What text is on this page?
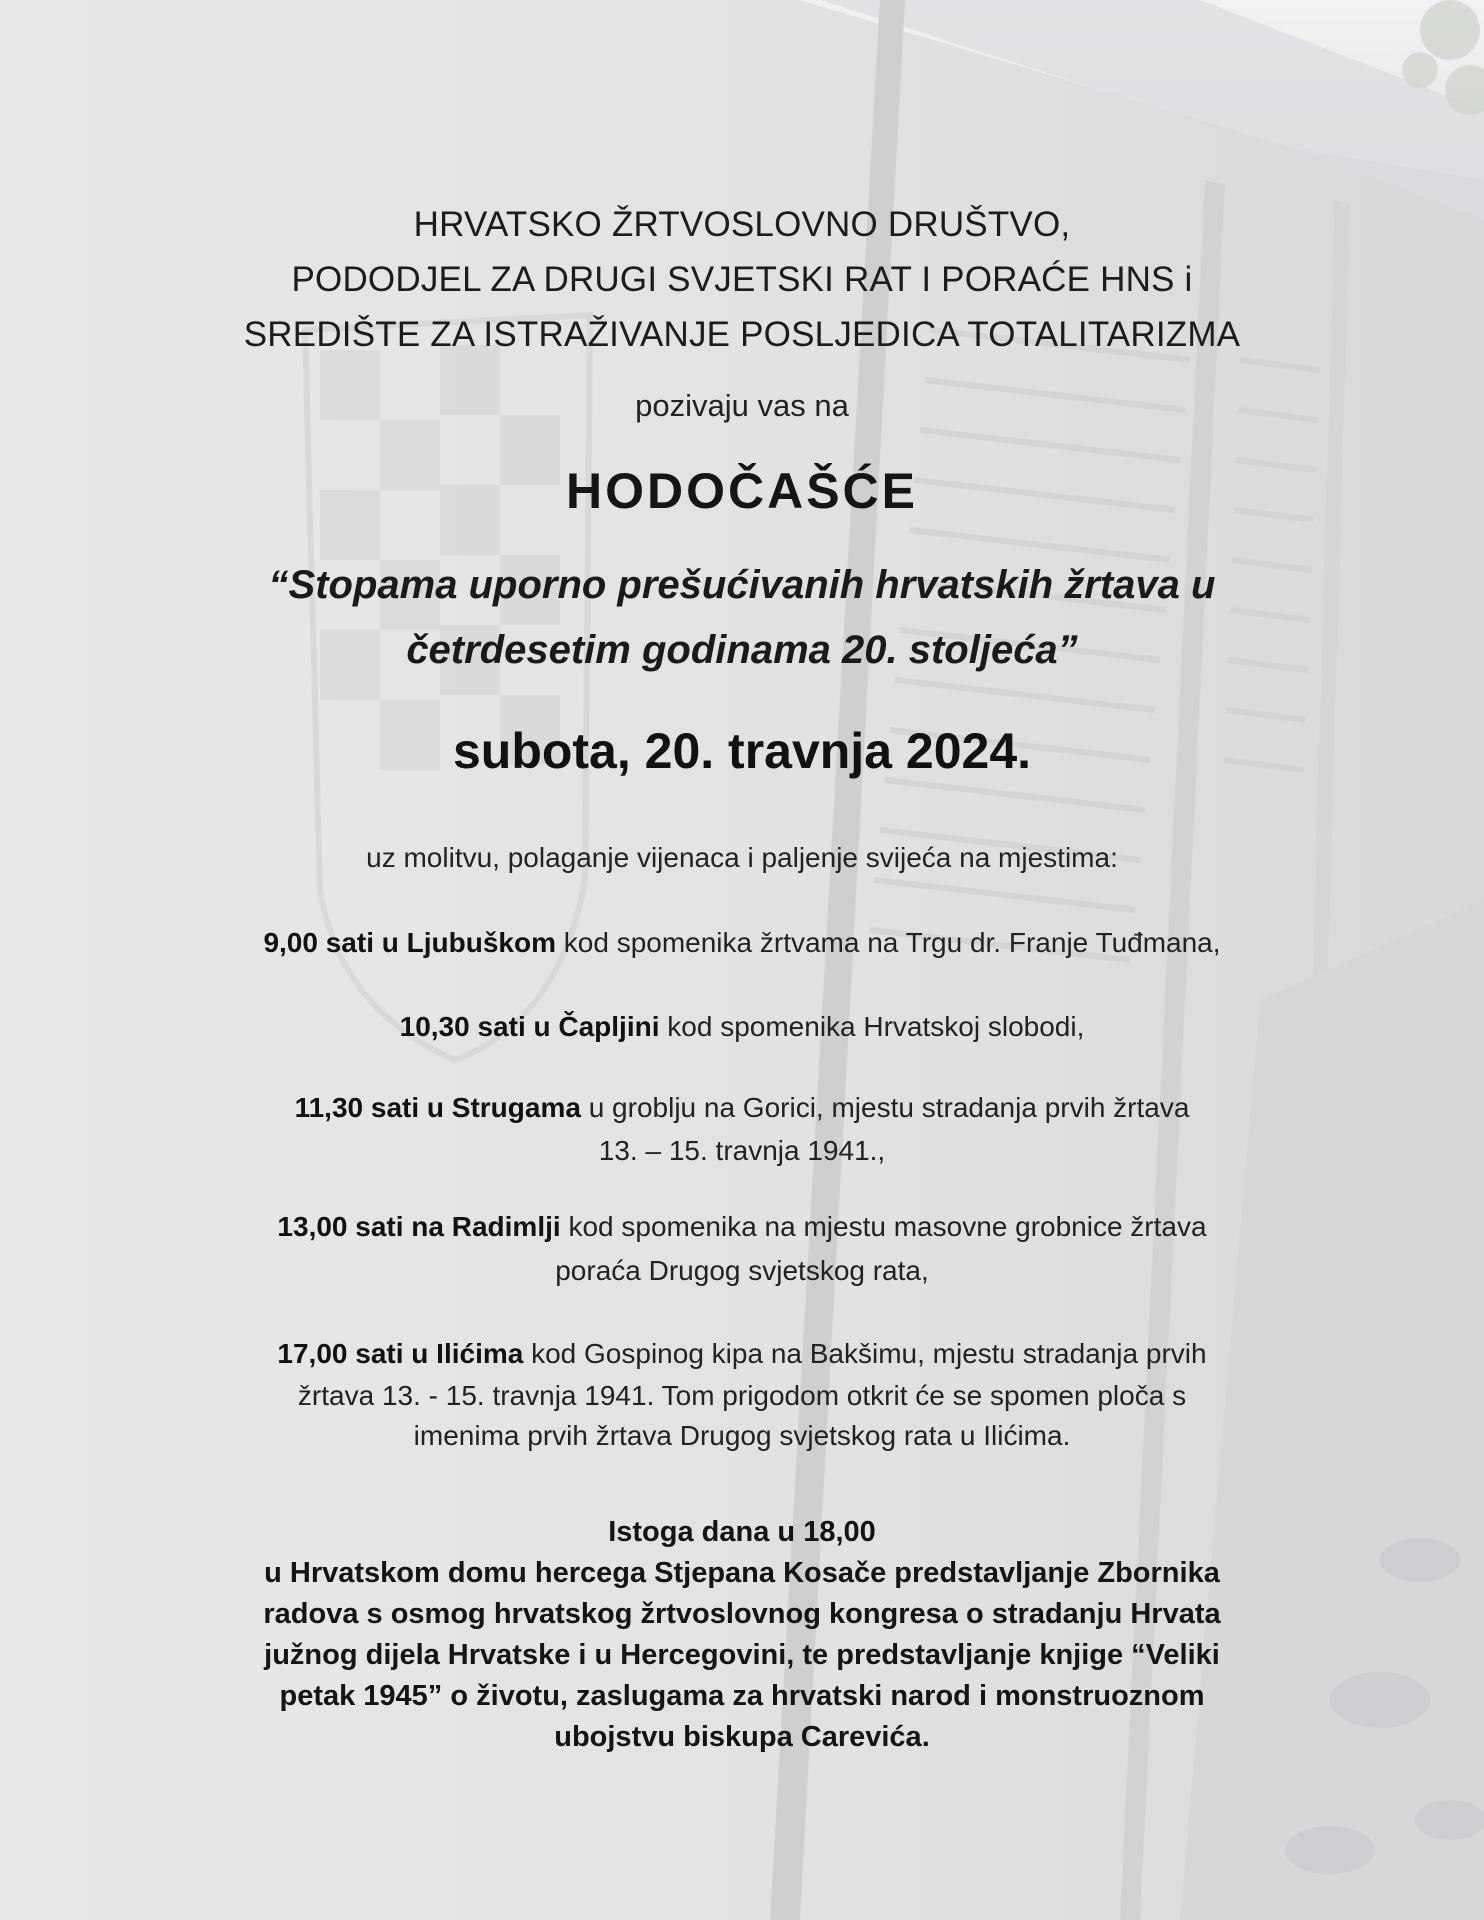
HRVATSKO ŽRTVOSLOVNO DRUŠTVO,

PODODJEL ZA DRUGI SVJETSKI RAT I PORAĆE HNS i

SREDIŠTE ZA ISTRAŽIVANJE POSLJEDICA TOTALITARIZMA

pozivaju vas na

HODOČAŠĆE

“Stopama uporno prešućivanih hrvatskih žrtava u

četrdesetim godinama 20. stoljeća”

subota, 20. travnja 2024.

uz molitvu, polaganje vijenaca i paljenje svijeća na mjestima:

9,00 sati u Ljubuškom kod spomenika žrtvama na Trgu dr. Franje Tuđmana,

10,30 sati u Čapljini kod spomenika Hrvatskoj slobodi,

11,30 sati u Strugama u groblju na Gorici, mjestu stradanja prvih žrtava

13. – 15. travnja 1941.,

13,00 sati na Radimlji kod spomenika na mjestu masovne grobnice žrtava

poraća Drugog svjetskog rata,

17,00 sati u Ilićima kod Gospinog kipa na Bakšimu, mjestu stradanja prvih

žrtava 13. - 15. travnja 1941. Tom prigodom otkrit će se spomen ploča s

imenima prvih žrtava Drugog svjetskog rata u Ilićima.

Istoga dana u 18,00

u Hrvatskom domu hercega Stjepana Kosače predstavljanje Zbornika

radova s osmog hrvatskog žrtvoslovnog kongresa o stradanju Hrvata

južnog dijela Hrvatske i u Hercegovini, te predstavljanje knjige “Veliki

petak 1945” o životu, zaslugama za hrvatski narod i monstruoznom

ubojstvu biskupa Carevića.
